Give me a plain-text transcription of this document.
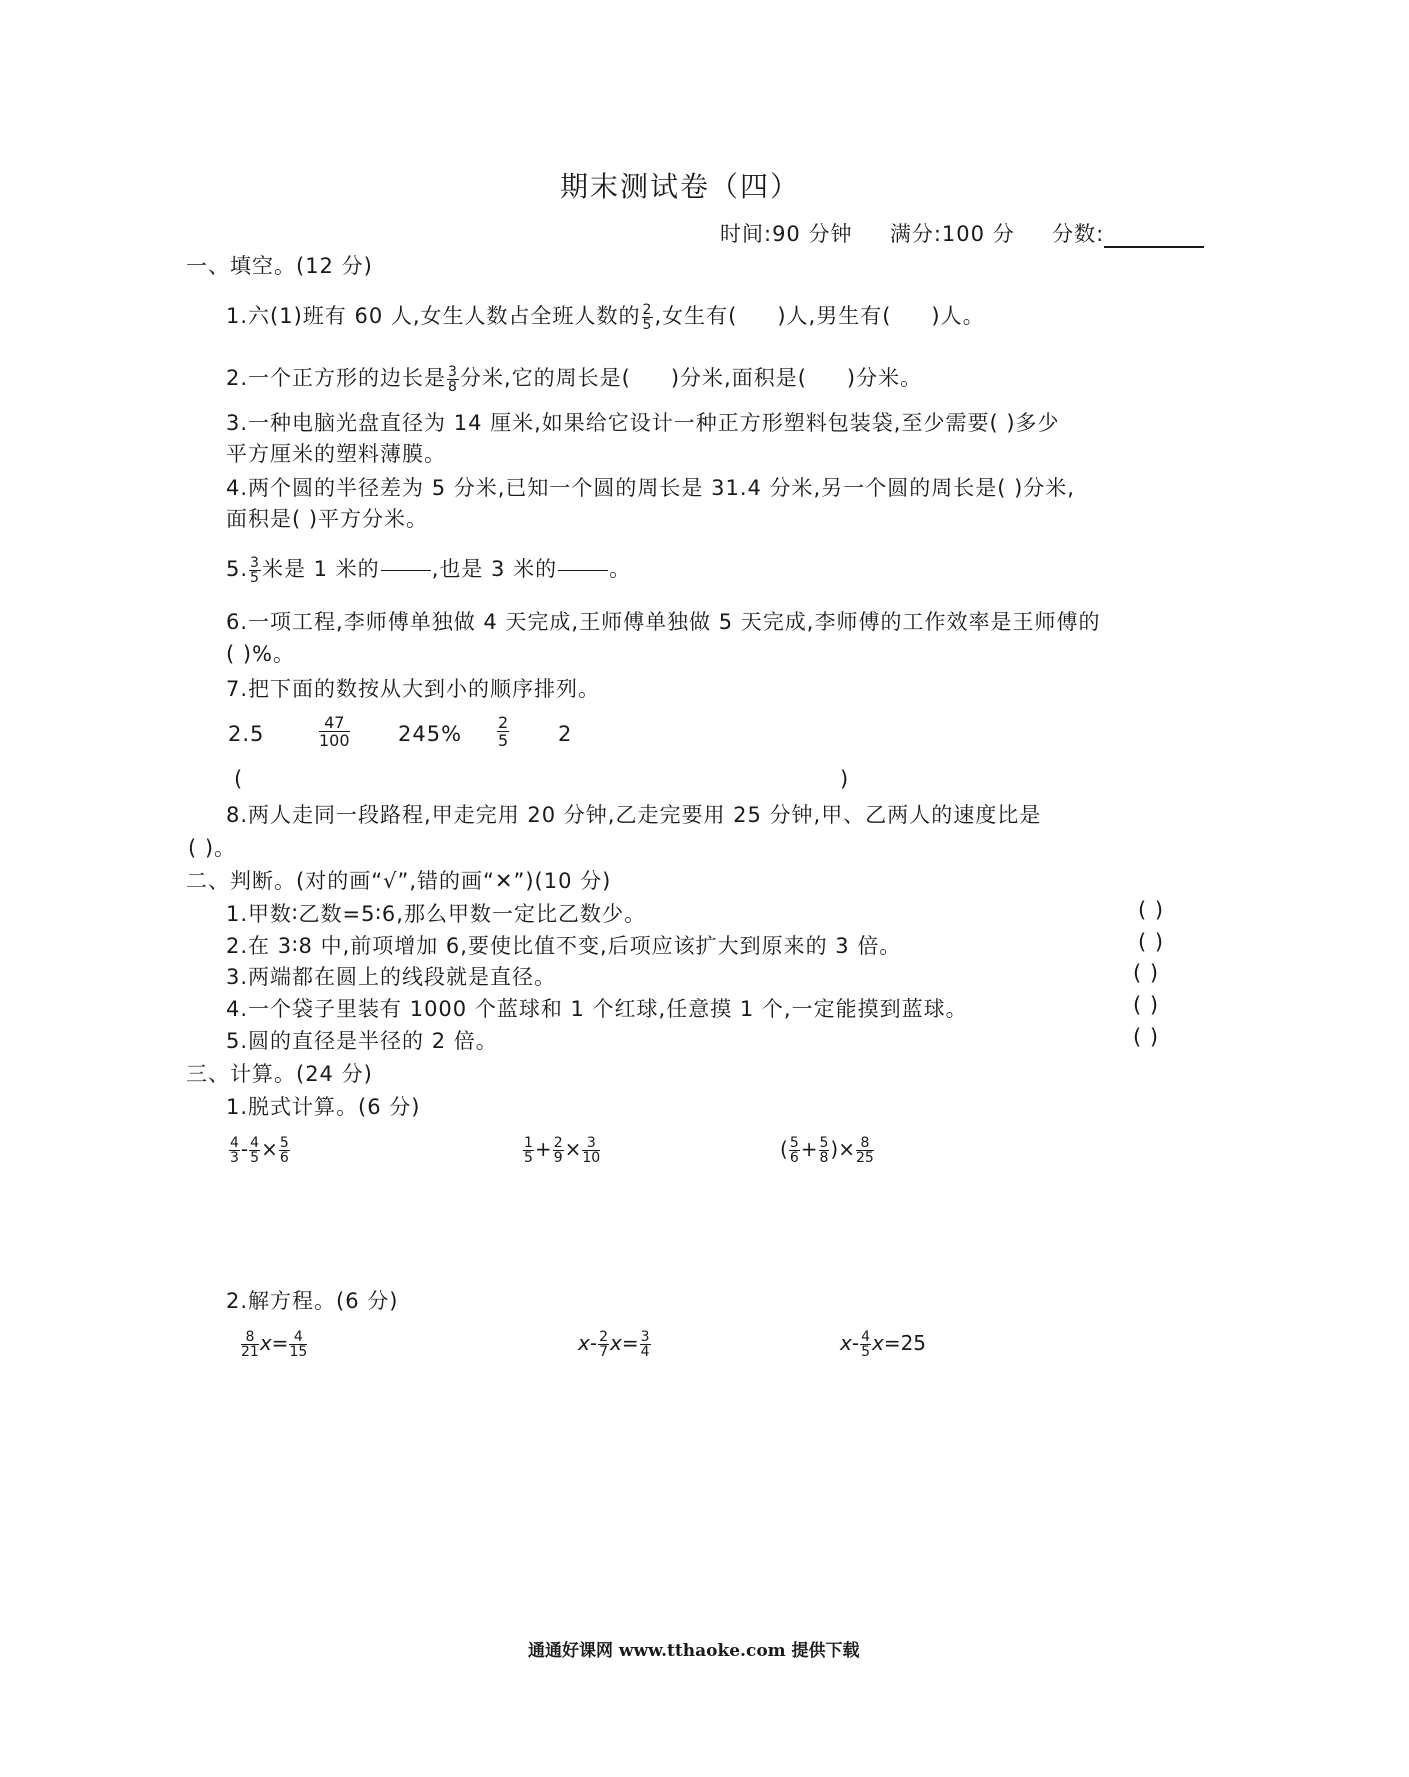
期末测试卷（四）
时间:90 分钟 满分:100 分 分数:
一、填空。(12 分)
1.六(1)班有 60 人,女生人数占全班人数的 $\frac{2}{5}$ ,女生有( )人,男生有( )人。
2.一个正方形的边长是 $\frac{3}{8}$ 分米,它的周长是( )分米,面积是( )分米。
3.一种电脑光盘直径为 14 厘米,如果给它设计一种正方形塑料包装袋,至少需要( )多少
平方厘米的塑料薄膜。
4.两个圆的半径差为 5 分米,已知一个圆的周长是 31.4 分米,另一个圆的周长是( )分米,
面积是( )平方分米。
5. $\frac{3}{5}$ 米是 1 米的 ,也是 3 米的 。
6.一项工程,李师傅单独做 4 天完成,王师傅单独做 5 天完成,李师傅的工作效率是王师傅的
( )%。
7.把下面的数按从大到小的顺序排列。
2.5	$\frac{47}{100} 245\% \frac{2}{5} 2$
(	)
8.两人走同一段路程,甲走完用 20 分钟,乙走完要用 25 分钟,甲、乙两人的速度比是
( )。
二、判断。(对的画“√”,错的画“✕”)(10 分)
1.甲数∶乙数=5∶6,那么甲数一定比乙数少。	( )
2.在 3∶8 中,前项增加 6,要使比值不变,后项应该扩大到原来的 3 倍。	( )
3.两端都在圆上的线段就是直径。	( )
4.一个袋子里装有 1000 个蓝球和 1 个红球,任意摸 1 个,一定能摸到蓝球。	( )
5.圆的直径是半径的 2 倍。	( )
三、计算。(24 分)
1.脱式计算。(6 分)
$\frac{4}{3} - \frac{4}{5} \times \frac{5}{6}$	$\frac{1}{5} + \frac{2}{9} \times \frac{3}{10}$	( $\frac{5}{6} + \frac{5}{8}$ )× $\frac{8}{25}$
2.解方程。(6 分)
$\frac{8}{21} x= \frac{4}{15}$	$x- \frac{2}{7} x= \frac{3}{4}$	$x- \frac{4}{5} x=25$
通通好课网 www.tthaoke.com 提供下载
